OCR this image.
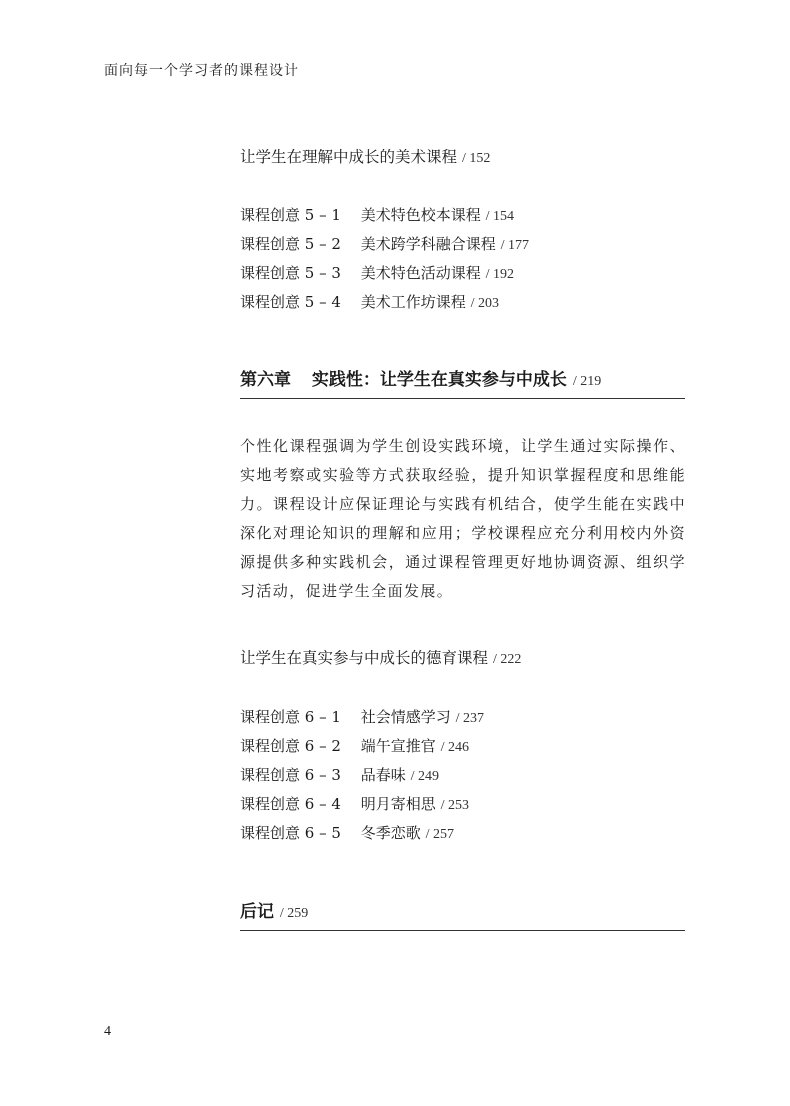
面向每一个学习者的课程设计
让学生在理解中成长的美术课程 / 152
课程创意 5 – 1 美术特色校本课程 / 154
课程创意 5 – 2 美术跨学科融合课程 / 177
课程创意 5 – 3 美术特色活动课程 / 192
课程创意 5 – 4 美术工作坊课程 / 203
第六章 实践性：让学生在真实参与中成长 / 219

个性化课程强调为学生创设实践环境，让学生通过实际操作、实地考察或实验等方式获取经验，提升知识掌握程度和思维能力。课程设计应保证理论与实践有机结合，使学生能在实践中深化对理论知识的理解和应用；学校课程应充分利用校内外资源提供多种实践机会，通过课程管理更好地协调资源、组织学习活动，促进学生全面发展。

让学生在真实参与中成长的德育课程 / 222
课程创意 6 – 1 社会情感学习 / 237
课程创意 6 – 2 端午宣推官 / 246
课程创意 6 – 3 品春味 / 249
课程创意 6 – 4 明月寄相思 / 253
课程创意 6 – 5 冬季恋歌 / 257
后记 / 259
4
